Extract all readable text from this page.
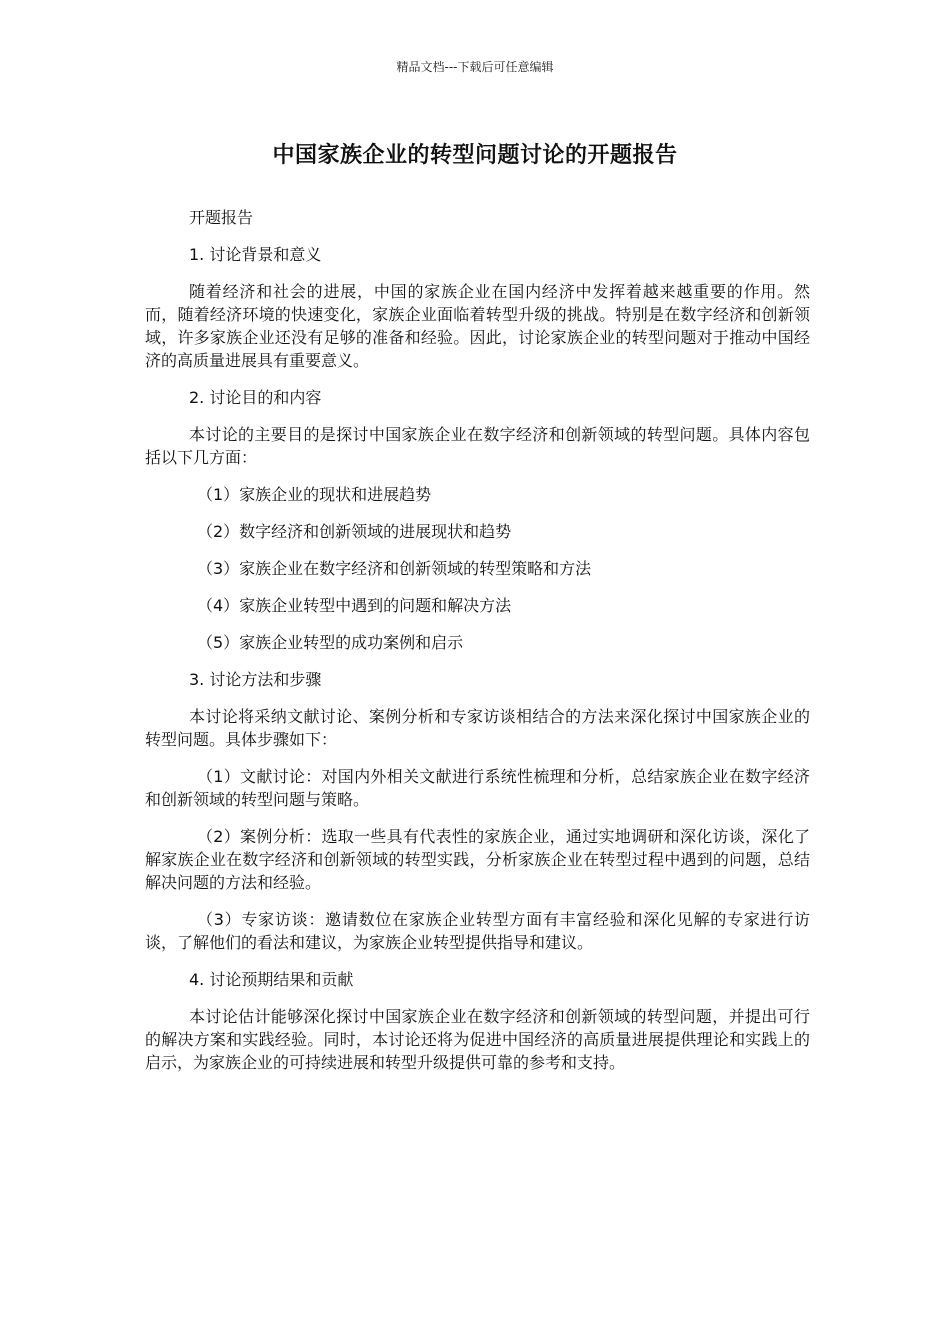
精品文档---下载后可任意编辑
中国家族企业的转型问题讨论的开题报告
开题报告
1. 讨论背景和意义
随着经济和社会的进展，中国的家族企业在国内经济中发挥着越来越重要的作用。然而，随着经济环境的快速变化，家族企业面临着转型升级的挑战。特别是在数字经济和创新领域，许多家族企业还没有足够的准备和经验。因此，讨论家族企业的转型问题对于推动中国经济的高质量进展具有重要意义。
2. 讨论目的和内容
本讨论的主要目的是探讨中国家族企业在数字经济和创新领域的转型问题。具体内容包括以下几方面：
（1）家族企业的现状和进展趋势
（2）数字经济和创新领域的进展现状和趋势
（3）家族企业在数字经济和创新领域的转型策略和方法
（4）家族企业转型中遇到的问题和解决方法
（5）家族企业转型的成功案例和启示
3. 讨论方法和步骤
本讨论将采纳文献讨论、案例分析和专家访谈相结合的方法来深化探讨中国家族企业的转型问题。具体步骤如下：
（1）文献讨论：对国内外相关文献进行系统性梳理和分析，总结家族企业在数字经济和创新领域的转型问题与策略。
（2）案例分析：选取一些具有代表性的家族企业，通过实地调研和深化访谈，深化了解家族企业在数字经济和创新领域的转型实践，分析家族企业在转型过程中遇到的问题，总结解决问题的方法和经验。
（3）专家访谈：邀请数位在家族企业转型方面有丰富经验和深化见解的专家进行访谈，了解他们的看法和建议，为家族企业转型提供指导和建议。
4. 讨论预期结果和贡献
本讨论估计能够深化探讨中国家族企业在数字经济和创新领域的转型问题，并提出可行的解决方案和实践经验。同时，本讨论还将为促进中国经济的高质量进展提供理论和实践上的启示，为家族企业的可持续进展和转型升级提供可靠的参考和支持。
